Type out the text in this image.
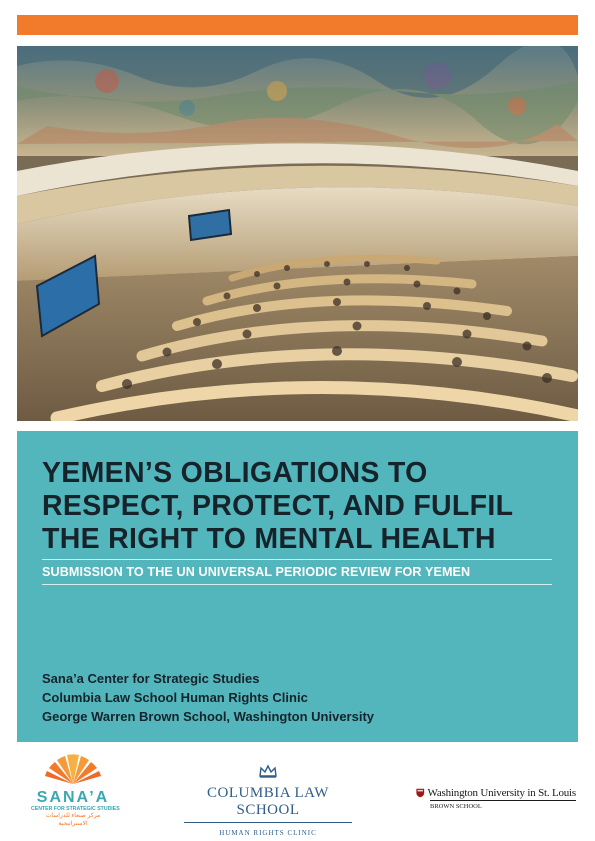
YEMEN’S OBLIGATIONS TO
RESPECT, PROTECT, AND FULFIL
THE RIGHT TO MENTAL HEALTH

SUBMISSION TO THE UN UNIVERSAL PERIODIC REVIEW FOR YEMEN

Sana’a Center for Strategic Studies
Columbia Law School Human Rights Clinic
George Warren Brown School, Washington University
SANA’A
CENTER FOR STRATEGIC STUDIES
مركز صنعاء للدراسات الاستراتيجية
COLUMBIA LAW SCHOOL
HUMAN RIGHTS CLINIC
Washington University in St. Louis
BROWN SCHOOL
